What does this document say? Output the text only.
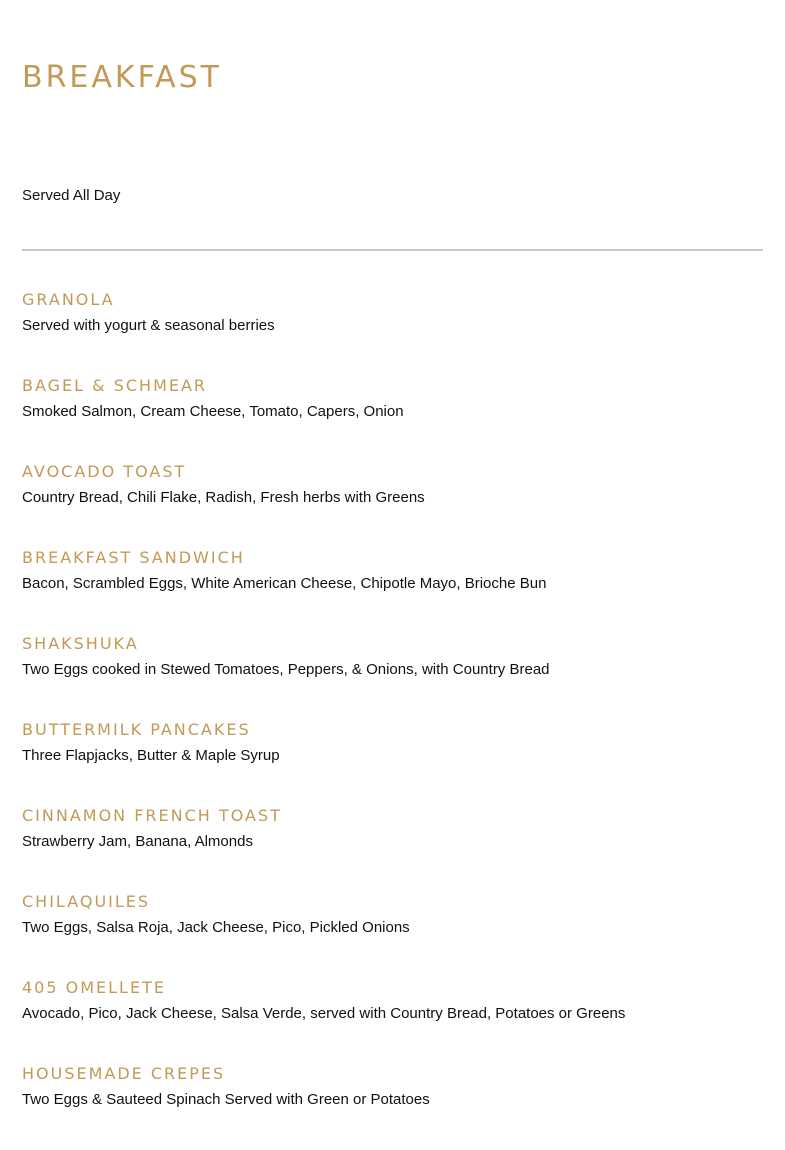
BREAKFAST
Served All Day
GRANOLA
Served with yogurt & seasonal berries
BAGEL & SCHMEAR
Smoked Salmon, Cream Cheese, Tomato, Capers, Onion
AVOCADO TOAST
Country Bread, Chili Flake, Radish, Fresh herbs with Greens
BREAKFAST SANDWICH
Bacon, Scrambled Eggs, White American Cheese, Chipotle Mayo, Brioche Bun
SHAKSHUKA
Two Eggs cooked in Stewed Tomatoes, Peppers, & Onions, with Country Bread
BUTTERMILK PANCAKES
Three Flapjacks, Butter & Maple Syrup
CINNAMON FRENCH TOAST
Strawberry Jam, Banana, Almonds
CHILAQUILES
Two Eggs, Salsa Roja, Jack Cheese, Pico, Pickled Onions
405 OMELLETE
Avocado, Pico, Jack Cheese, Salsa Verde, served with Country Bread, Potatoes or Greens
HOUSEMADE CREPES
Two Eggs & Sauteed Spinach Served with Green or Potatoes
